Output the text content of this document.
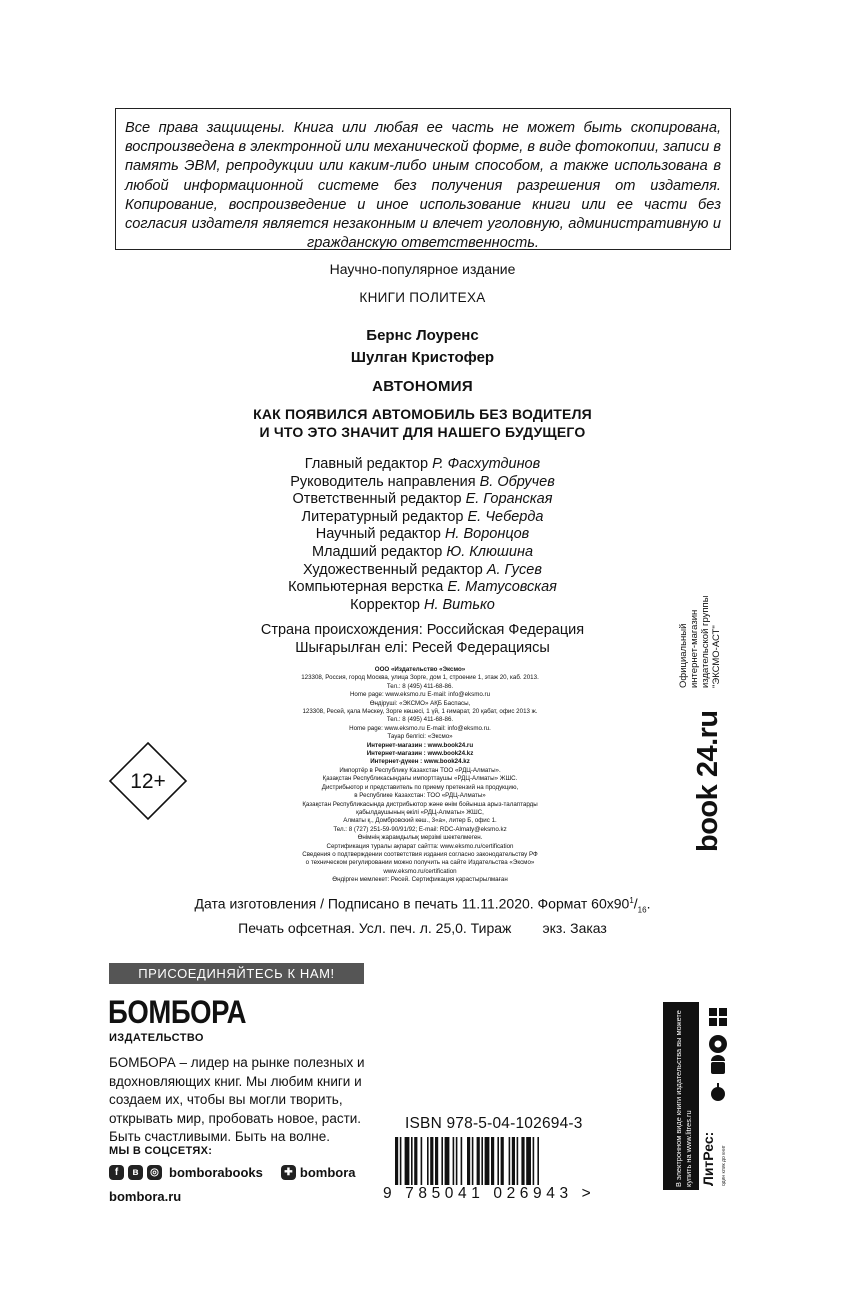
Все права защищены. Книга или любая ее часть не может быть скопирована, воспроизведена в электронной или механической форме, в виде фотокопии, записи в память ЭВМ, репродукции или каким-либо иным способом, а также использована в любой информационной системе без получения разрешения от издателя. Копирование, воспроизведение и иное использование книги или ее части без согласия издателя является незаконным и влечет уголовную, административную и гражданскую ответственность.

Научно-популярное издание
КНИГИ ПОЛИТЕХА
Бернс Лоуренс
Шулган Кристофер
АВТОНОМИЯ
КАК ПОЯВИЛСЯ АВТОМОБИЛЬ БЕЗ ВОДИТЕЛЯ
И ЧТО ЭТО ЗНАЧИТ ДЛЯ НАШЕГО БУДУЩЕГО
Главный редактор Р. Фасхутдинов
Руководитель направления В. Обручев
Ответственный редактор Е. Горанская
Литературный редактор Е. Чеберда
Научный редактор Н. Воронцов
Младший редактор Ю. Клюшина
Художественный редактор А. Гусев
Компьютерная верстка Е. Матусовская
Корректор Н. Витько
Страна происхождения: Российская Федерация
Шығарылған елі: Ресей Федерациясы
ООО «Издательство «Эксмо»
123308, Россия, город Москва, улица Зорге, дом 1, строение 1, этаж 20, каб. 2013.
Тел.: 8 (495) 411-68-86.
Home page: www.eksmo.ru E-mail: info@eksmo.ru
Өндіруші: «ЭКСМО» АҚБ Баспасы,
123308, Ресей, қала Мәскеу, Зорге көшесі, 1 үй, 1 ғимарат, 20 қабат, офис 2013 ж.
Тел.: 8 (495) 411-68-86.
Home page: www.eksmo.ru E-mail: info@eksmo.ru.
Тауар белгісі: «Эксмо»
Интернет-магазин : www.book24.ru
Интернет-магазин : www.book24.kz
Интернет-дүкен : www.book24.kz
Импортёр в Республику Казахстан ТОО «РДЦ-Алматы».
Қазақстан Республикасындағы импорттаушы «РДЦ-Алматы» ЖШС.
Дистрибьютор и представитель по приему претензий на продукцию,
в Республике Казахстан: ТОО «РДЦ-Алматы»
Қазақстан Республикасында дистрибьютор және өнім бойынша арыз-талаптарды
қабылдаушының өкілі «РДЦ-Алматы» ЖШС,
Алматы қ., Домбровский көш., 3«а», литер Б, офис 1.
Тел.: 8 (727) 251-59-90/91/92; E-mail: RDC-Almaty@eksmo.kz
Өнімнің жарамдылық мерзімі шектелмеген.
Сертификация туралы ақпарат сайтта: www.eksmo.ru/certification
Сведения о подтверждении соответствия издания согласно законодательству РФ
о техническом регулировании можно получить на сайте Издательства «Эксмо»
www.eksmo.ru/certification
Өндірген мемлекет: Ресей. Сертификация қарастырылмаған
12+
Дата изготовления / Подписано в печать 11.11.2020. Формат $60x90^1/_{16}$.
Печать офсетная. Усл. печ. л. 25,0. Тираж        экз. Заказ
ПРИСОЕДИНЯЙТЕСЬ К НАМ!
БОМБОРА
ИЗДАТЕЛЬСТВО
БОМБОРА – лидер на рынке полезных и вдохновляющих книг. Мы любим книги и создаем их, чтобы вы могли творить, открывать мир, пробовать новое, расти. Быть счастливыми. Быть на волне.
МЫ В СОЦСЕТЯХ:
f	в	◎ bomborabooks	✚ bombora
bombora.ru
ISBN 978-5-04-102694-3
9 785041 026943 >
Официальный интернет-магазин издательской группы "ЭКСМО-АСТ"
book 24.ru
В электронном виде книги издательства вы можете купить на www.litres.ru ЛитРес: один клик до книг
